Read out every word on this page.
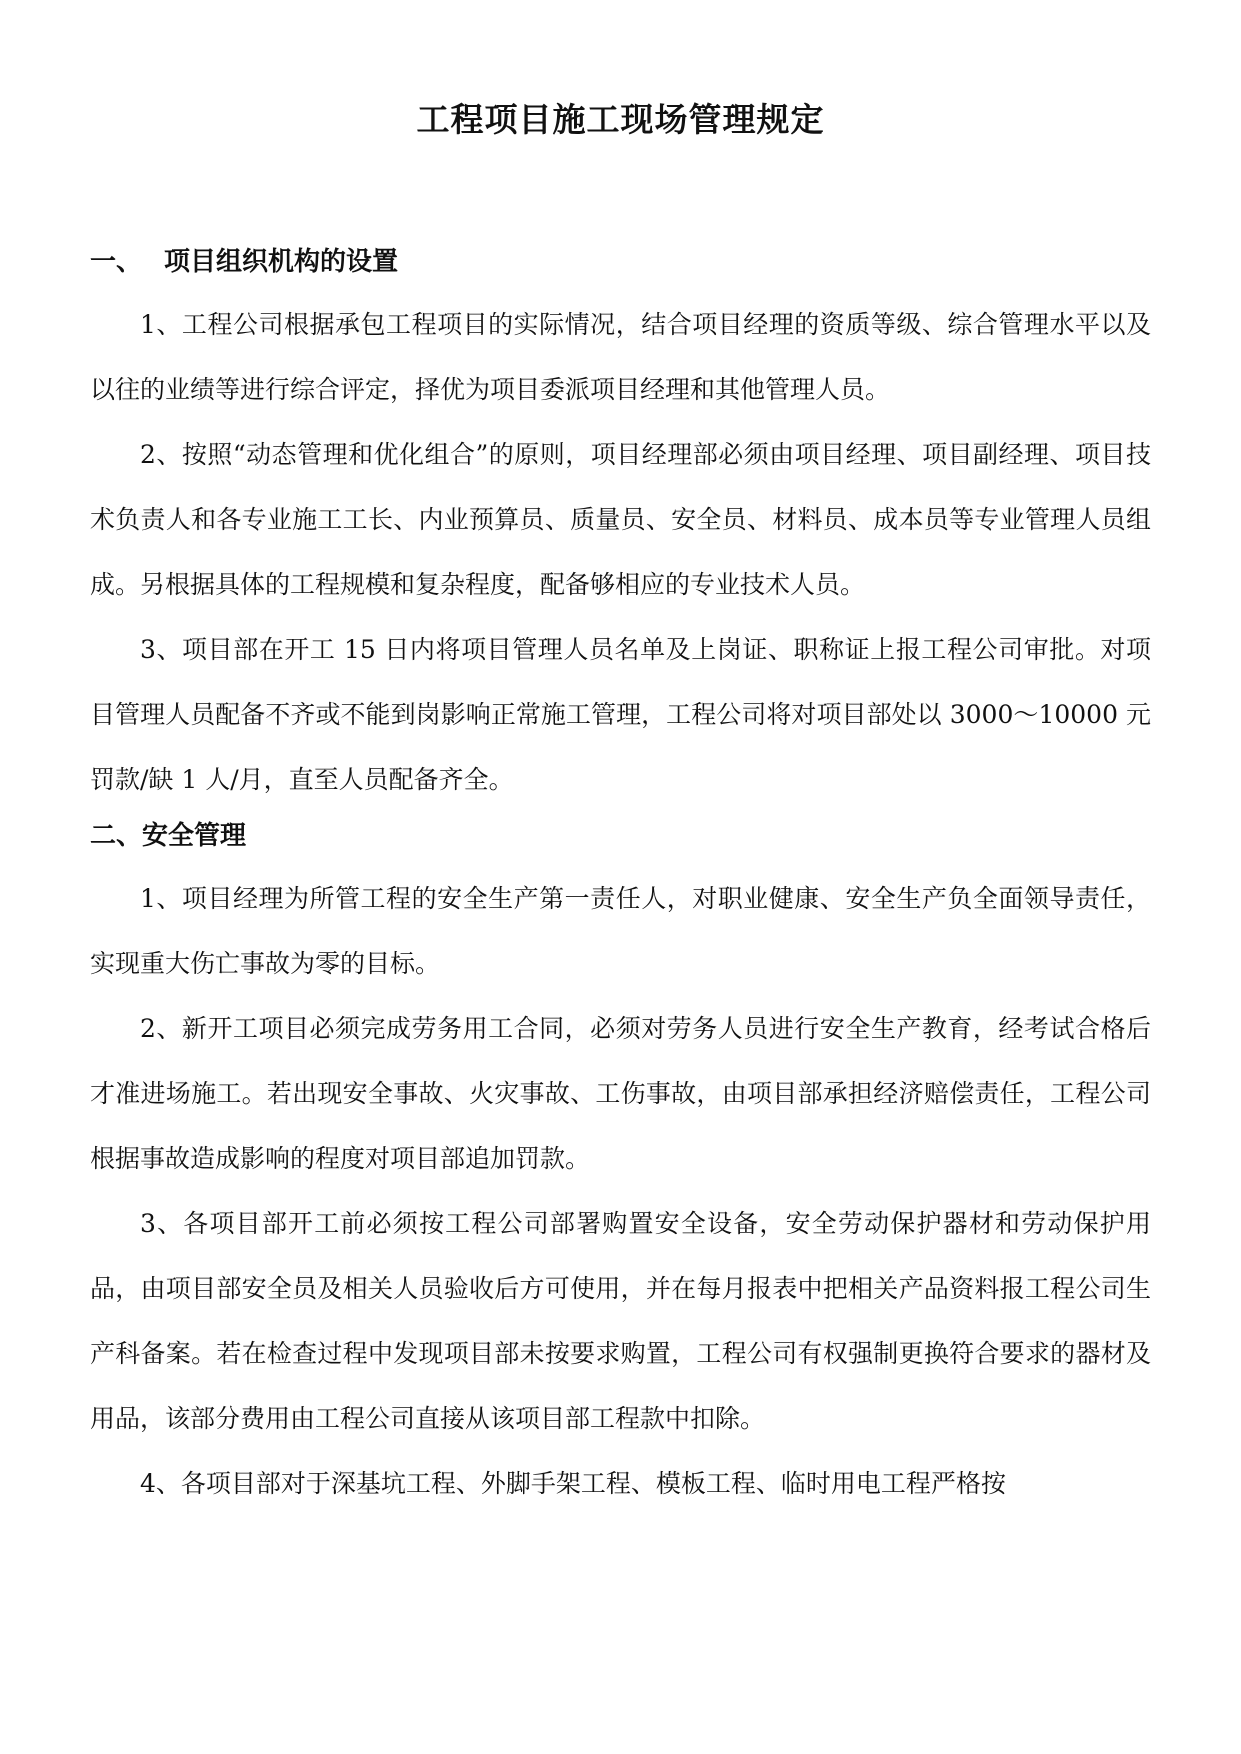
工程项目施工现场管理规定
一、 项目组织机构的设置

1、工程公司根据承包工程项目的实际情况，结合项目经理的资质等级、综合管理水平以及以往的业绩等进行综合评定，择优为项目委派项目经理和其他管理人员。

2、按照“动态管理和优化组合”的原则，项目经理部必须由项目经理、项目副经理、项目技术负责人和各专业施工工长、内业预算员、质量员、安全员、材料员、成本员等专业管理人员组成。另根据具体的工程规模和复杂程度，配备够相应的专业技术人员。

3、项目部在开工 15 日内将项目管理人员名单及上岗证、职称证上报工程公司审批。对项目管理人员配备不齐或不能到岗影响正常施工管理，工程公司将对项目部处以 3000～10000 元罚款/缺 1 人/月，直至人员配备齐全。

二、安全管理

1、项目经理为所管工程的安全生产第一责任人，对职业健康、安全生产负全面领导责任，实现重大伤亡事故为零的目标。

2、新开工项目必须完成劳务用工合同，必须对劳务人员进行安全生产教育，经考试合格后才准进场施工。若出现安全事故、火灾事故、工伤事故，由项目部承担经济赔偿责任，工程公司根据事故造成影响的程度对项目部追加罚款。

3、各项目部开工前必须按工程公司部署购置安全设备，安全劳动保护器材和劳动保护用品，由项目部安全员及相关人员验收后方可使用，并在每月报表中把相关产品资料报工程公司生产科备案。若在检查过程中发现项目部未按要求购置，工程公司有权强制更换符合要求的器材及用品，该部分费用由工程公司直接从该项目部工程款中扣除。

4、各项目部对于深基坑工程、外脚手架工程、模板工程、临时用电工程严格按
